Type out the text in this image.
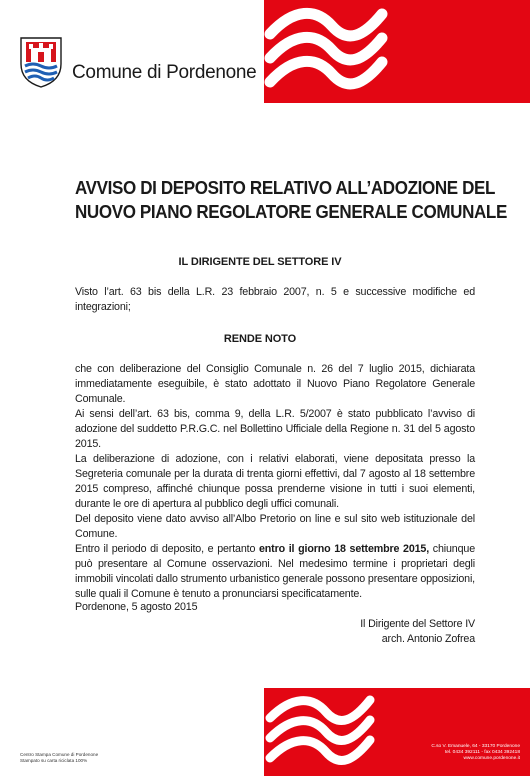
Comune di Pordenone
AVVISO DI DEPOSITO RELATIVO ALL’ADOZIONE DEL
NUOVO PIANO REGOLATORE GENERALE COMUNALE
IL DIRIGENTE DEL SETTORE IV
Visto l’art. 63 bis della L.R. 23 febbraio 2007, n. 5 e successive modifiche ed integrazioni;
RENDE NOTO

che con deliberazione del Consiglio Comunale n. 26 del 7 luglio 2015, dichiarata immediatamente eseguibile, è stato adottato il Nuovo Piano Regolatore Generale Comunale.

Ai sensi dell’art. 63 bis, comma 9, della L.R. 5/2007 è stato pubblicato l’avviso di adozione del suddetto P.R.G.C. nel Bollettino Ufficiale della Regione n. 31 del 5 agosto 2015.

La deliberazione di adozione, con i relativi elaborati, viene depositata presso la Segreteria comunale per la durata di trenta giorni effettivi, dal 7 agosto al 18 settembre 2015 compreso, affinché chiunque possa prenderne visione in tutti i suoi elementi, durante le ore di apertura al pubblico degli uffici comunali.

Del deposito viene dato avviso all’Albo Pretorio on line e sul sito web istituzionale del Comune.

Entro il periodo di deposito, e pertanto entro il giorno 18 settembre 2015, chiunque può presentare al Comune osservazioni. Nel medesimo termine i proprietari degli immobili vincolati dallo strumento urbanistico generale possono presentare opposizioni, sulle quali il Comune è tenuto a pronunciarsi specificatamente.

Pordenone, 5 agosto 2015
Il Dirigente del Settore IV
arch. Antonio Zofrea
Centro Stampa Comune di Pordenone
Stampato su carta riciclata 100%
C.so V. Emanuele, 64 - 33170 Pordenone
tel. 0434 392111 - fax 0434 392418
www.comune.pordenone.it
